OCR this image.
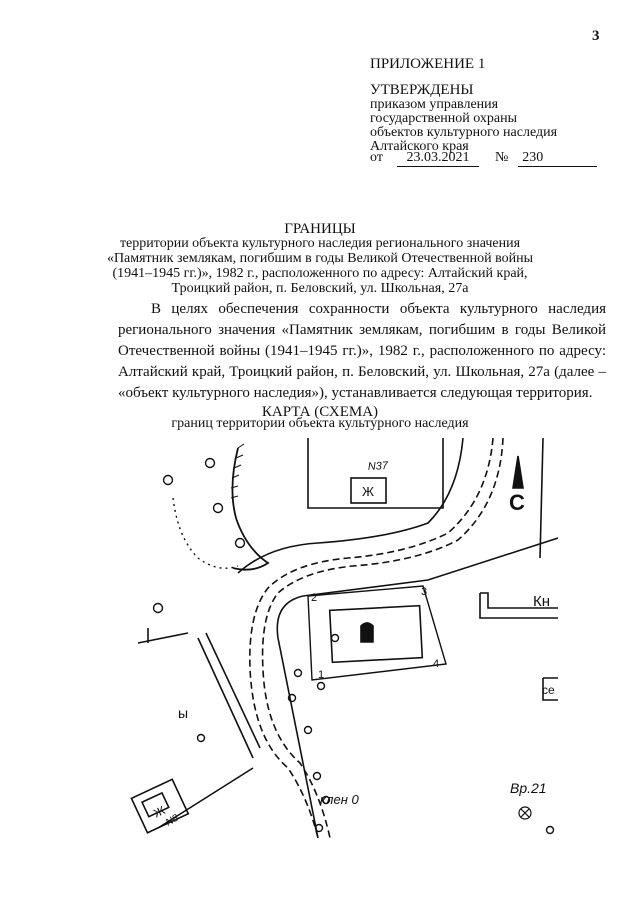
3
ПРИЛОЖЕНИЕ 1
УТВЕРЖДЕНЫ
приказом управления
государственной охраны
объектов культурного наследия
Алтайского края
от 23.03.2021 № 230
ГРАНИЦЫ
территории объекта культурного наследия регионального значения
«Памятник землякам, погибшим в годы Великой Отечественной войны
(1941–1945 гг.)», 1982 г., расположенного по адресу: Алтайский край,
Троицкий район, п. Беловский, ул. Школьная, 27а
В целях обеспечения сохранности объекта культурного наследия
регионального значения «Памятник землякам, погибшим в годы Великой
Отечественной войны (1941–1945 гг.)», 1982 г., расположенного по адресу:
Алтайский край, Троицкий район, п. Беловский, ул. Школьная, 27а (далее –
«объект культурного наследия»), устанавливается следующая территория.
КАРТА (СХЕМА)
границ территории объекта культурного наследия
С
N37
Ж
Кн
Ж
N8
се
ы
клен 0
Вр.21
1
2	3
4
